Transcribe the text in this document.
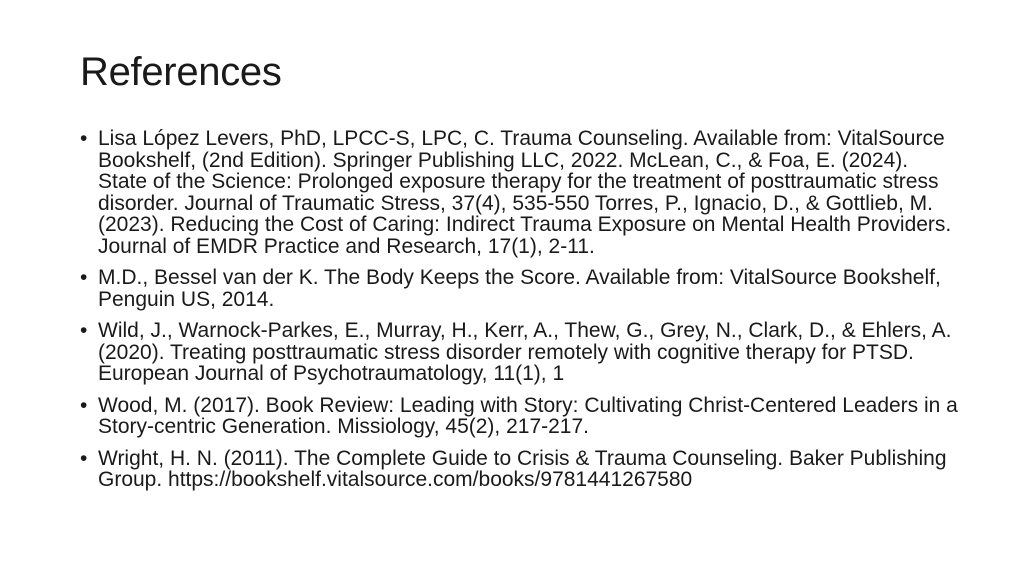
References
• Lisa López Levers, PhD, LPCC-S, LPC, C. Trauma Counseling. Available from: VitalSource Bookshelf, (2nd Edition). Springer Publishing LLC, 2022. McLean, C., & Foa, E. (2024). State of the Science: Prolonged exposure therapy for the treatment of posttraumatic stress disorder. Journal of Traumatic Stress, 37(4), 535-550 Torres, P., Ignacio, D., & Gottlieb, M. (2023). Reducing the Cost of Caring: Indirect Trauma Exposure on Mental Health Providers. Journal of EMDR Practice and Research, 17(1), 2-11.
• M.D., Bessel van der K. The Body Keeps the Score. Available from: VitalSource Bookshelf, Penguin US, 2014.
• Wild, J., Warnock-Parkes, E., Murray, H., Kerr, A., Thew, G., Grey, N., Clark, D., & Ehlers, A. (2020). Treating posttraumatic stress disorder remotely with cognitive therapy for PTSD. European Journal of Psychotraumatology, 11(1), 1
• Wood, M. (2017). Book Review: Leading with Story: Cultivating Christ-Centered Leaders in a Story-centric Generation. Missiology, 45(2), 217-217.
• Wright, H. N. (2011). The Complete Guide to Crisis & Trauma Counseling. Baker Publishing Group. https://bookshelf.vitalsource.com/books/9781441267580
